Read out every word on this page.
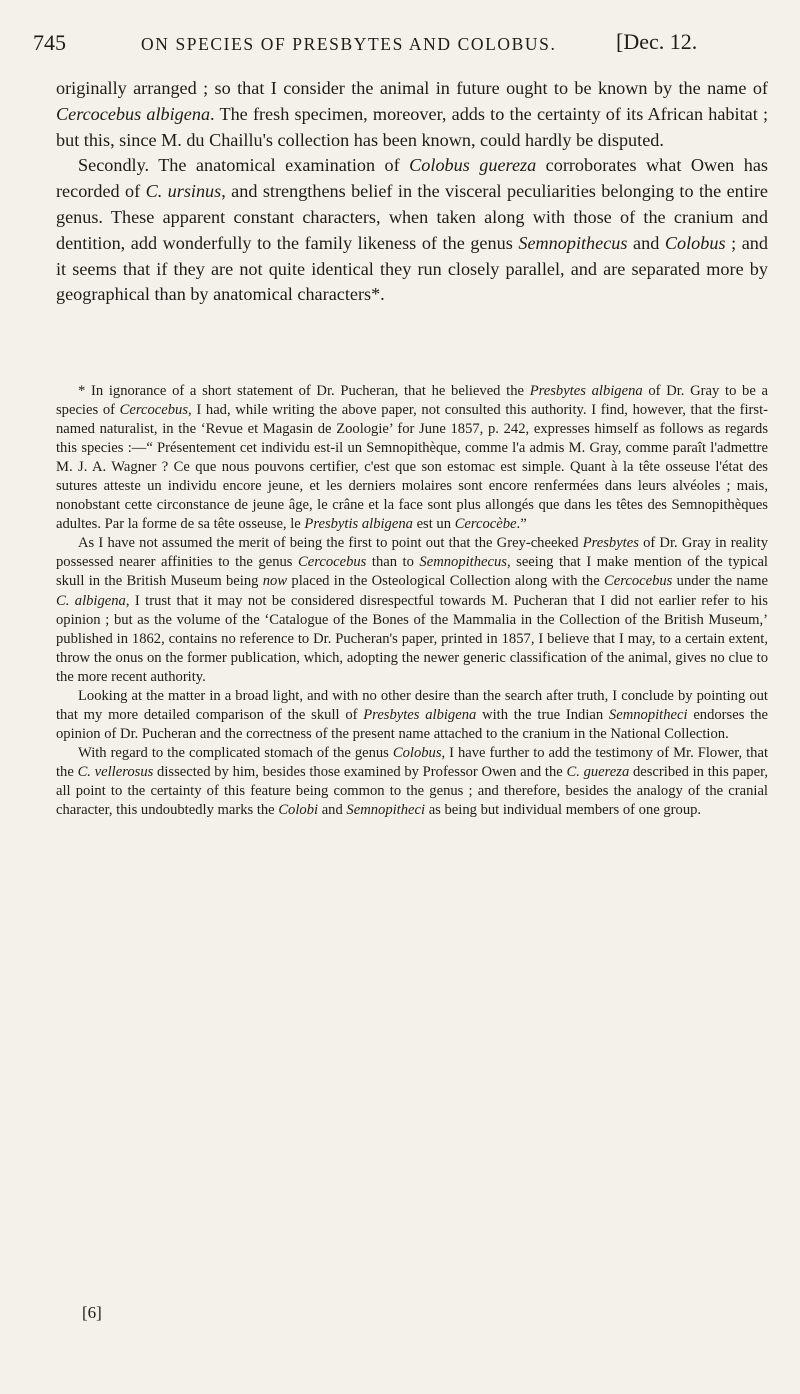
745	ON SPECIES OF PRESBYTES AND COLOBUS.	[Dec. 12.

originally arranged ; so that I consider the animal in future ought to be known by the name of Cercocebus albigena. The fresh specimen, moreover, adds to the certainty of its African habitat ; but this, since M. du Chaillu's collection has been known, could hardly be disputed.

Secondly. The anatomical examination of Colobus guereza corroborates what Owen has recorded of C. ursinus, and strengthens belief in the visceral peculiarities belonging to the entire genus. These apparent constant characters, when taken along with those of the cranium and dentition, add wonderfully to the family likeness of the genus Semnopithecus and Colobus ; and it seems that if they are not quite identical they run closely parallel, and are separated more by geographical than by anatomical characters*.

* In ignorance of a short statement of Dr. Pucheran, that he believed the Presbytes albigena of Dr. Gray to be a species of Cercocebus, I had, while writing the above paper, not consulted this authority. I find, however, that the first-named naturalist, in the ‘Revue et Magasin de Zoologie’ for June 1857, p. 242, expresses himself as follows as regards this species :—“ Présentement cet individu est-il un Semnopithèque, comme l'a admis M. Gray, comme paraît l'admettre M. J. A. Wagner ? Ce que nous pouvons certifier, c'est que son estomac est simple. Quant à la tête osseuse l'état des sutures atteste un individu encore jeune, et les derniers molaires sont encore renfermées dans leurs alvéoles ; mais, nonobstant cette circonstance de jeune âge, le crâne et la face sont plus allongés que dans les têtes des Semnopithèques adultes. Par la forme de sa tête osseuse, le Presbytis albigena est un Cercocèbe.”

As I have not assumed the merit of being the first to point out that the Grey-cheeked Presbytes of Dr. Gray in reality possessed nearer affinities to the genus Cercocebus than to Semnopithecus, seeing that I make mention of the typical skull in the British Museum being now placed in the Osteological Collection along with the Cercocebus under the name C. albigena, I trust that it may not be considered disrespectful towards M. Pucheran that I did not earlier refer to his opinion ; but as the volume of the ‘Catalogue of the Bones of the Mammalia in the Collection of the British Museum,’ published in 1862, contains no reference to Dr. Pucheran's paper, printed in 1857, I believe that I may, to a certain extent, throw the onus on the former publication, which, adopting the newer generic classification of the animal, gives no clue to the more recent authority.

Looking at the matter in a broad light, and with no other desire than the search after truth, I conclude by pointing out that my more detailed comparison of the skull of Presbytes albigena with the true Indian Semnopitheci endorses the opinion of Dr. Pucheran and the correctness of the present name attached to the cranium in the National Collection.

With regard to the complicated stomach of the genus Colobus, I have further to add the testimony of Mr. Flower, that the C. vellerosus dissected by him, besides those examined by Professor Owen and the C. guereza described in this paper, all point to the certainty of this feature being common to the genus ; and therefore, besides the analogy of the cranial character, this undoubtedly marks the Colobi and Semnopitheci as being but individual members of one group.

[6]
